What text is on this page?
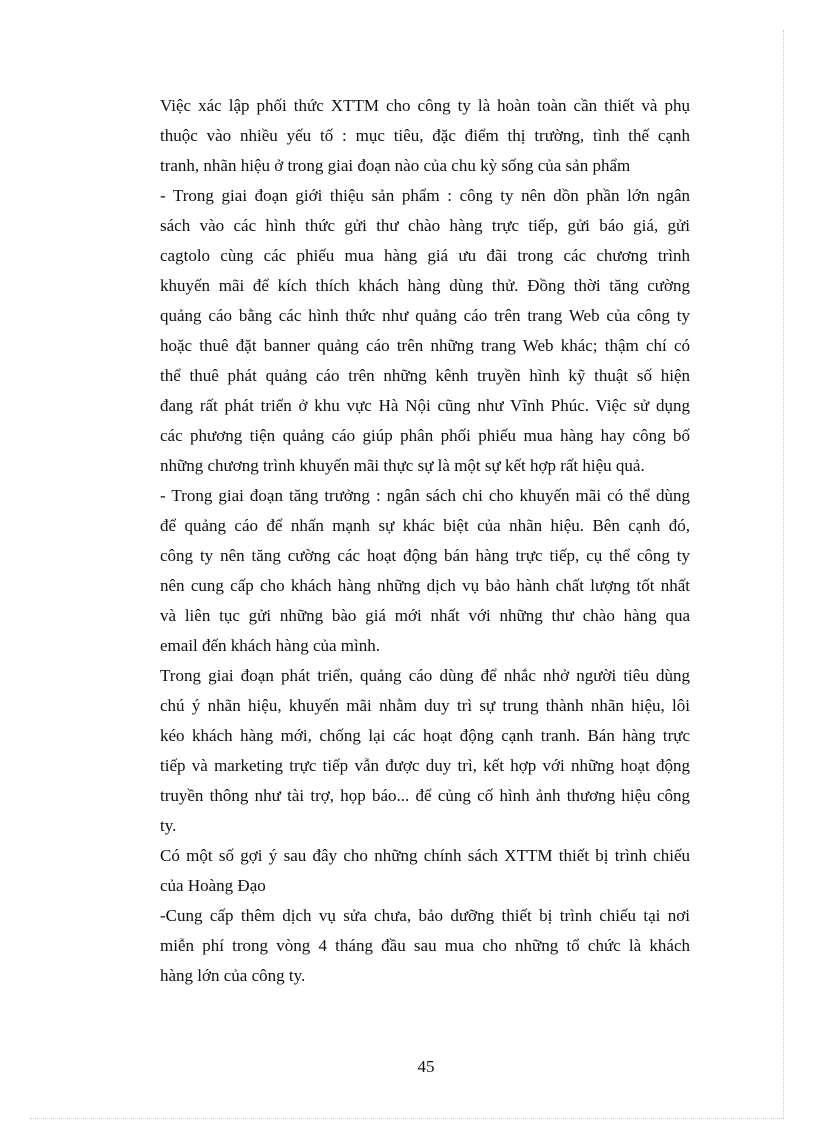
Việc xác lập phối thức XTTM cho công ty là hoàn toàn cần thiết và phụ
thuộc vào nhiều yếu tố : mục tiêu, đặc điểm thị trường, tình thế cạnh
tranh, nhãn hiệu ở trong giai đoạn nào của chu kỳ sống của sản phẩm
- Trong giai đoạn giới thiệu sản phẩm : công ty nên dồn phần lớn ngân
sách vào các hình thức gửi thư chào hàng trực tiếp, gửi báo giá, gửi
cagtolo cùng các phiếu mua hàng giá ưu đãi trong các chương trình
khuyến mãi để kích thích khách hàng dùng thử. Đồng thời tăng cường
quảng cáo bằng các hình thức như quảng cáo trên trang Web của công ty
hoặc thuê đặt banner quảng cáo trên những trang Web khác; thậm chí có
thể thuê phát quảng cáo trên những kênh truyền hình kỹ thuật số hiện
đang rất phát triển ở khu vực Hà Nội cũng như Vĩnh Phúc. Việc sử dụng
các phương tiện quảng cáo giúp phân phối phiếu mua hàng hay công bố
những chương trình khuyến mãi thực sự là một sự kết hợp rất hiệu quả.
- Trong giai đoạn tăng trưởng : ngân sách chi cho khuyến mãi có thể dùng
để quảng cáo để nhấn mạnh sự khác biệt của nhãn hiệu. Bên cạnh đó,
công ty nên tăng cường các hoạt động bán hàng trực tiếp, cụ thể công ty
nên cung cấp cho khách hàng những dịch vụ bảo hành chất lượng tốt nhất
và liên tục gửi những bào giá mới nhất với những thư chào hàng qua
email đến khách hàng của mình.
Trong giai đoạn phát triển, quảng cáo dùng để nhắc nhở người tiêu dùng
chú ý nhãn hiệu, khuyến mãi nhằm duy trì sự trung thành nhãn hiệu, lôi
kéo khách hàng mới, chống lại các hoạt động cạnh tranh. Bán hàng trực
tiếp và marketing trực tiếp vẫn được duy trì, kết hợp với những hoạt động
truyền thông như tài trợ, họp báo... để củng cố hình ảnh thương hiệu công
ty.
Có một số gợi ý sau đây cho những chính sách XTTM thiết bị trình chiếu
của Hoàng Đạo
-Cung cấp thêm dịch vụ sửa chưa, bảo dưỡng thiết bị trình chiếu tại nơi
miễn phí trong vòng 4 tháng đầu sau mua cho những tổ chức là khách
hàng lớn của công ty.
45
